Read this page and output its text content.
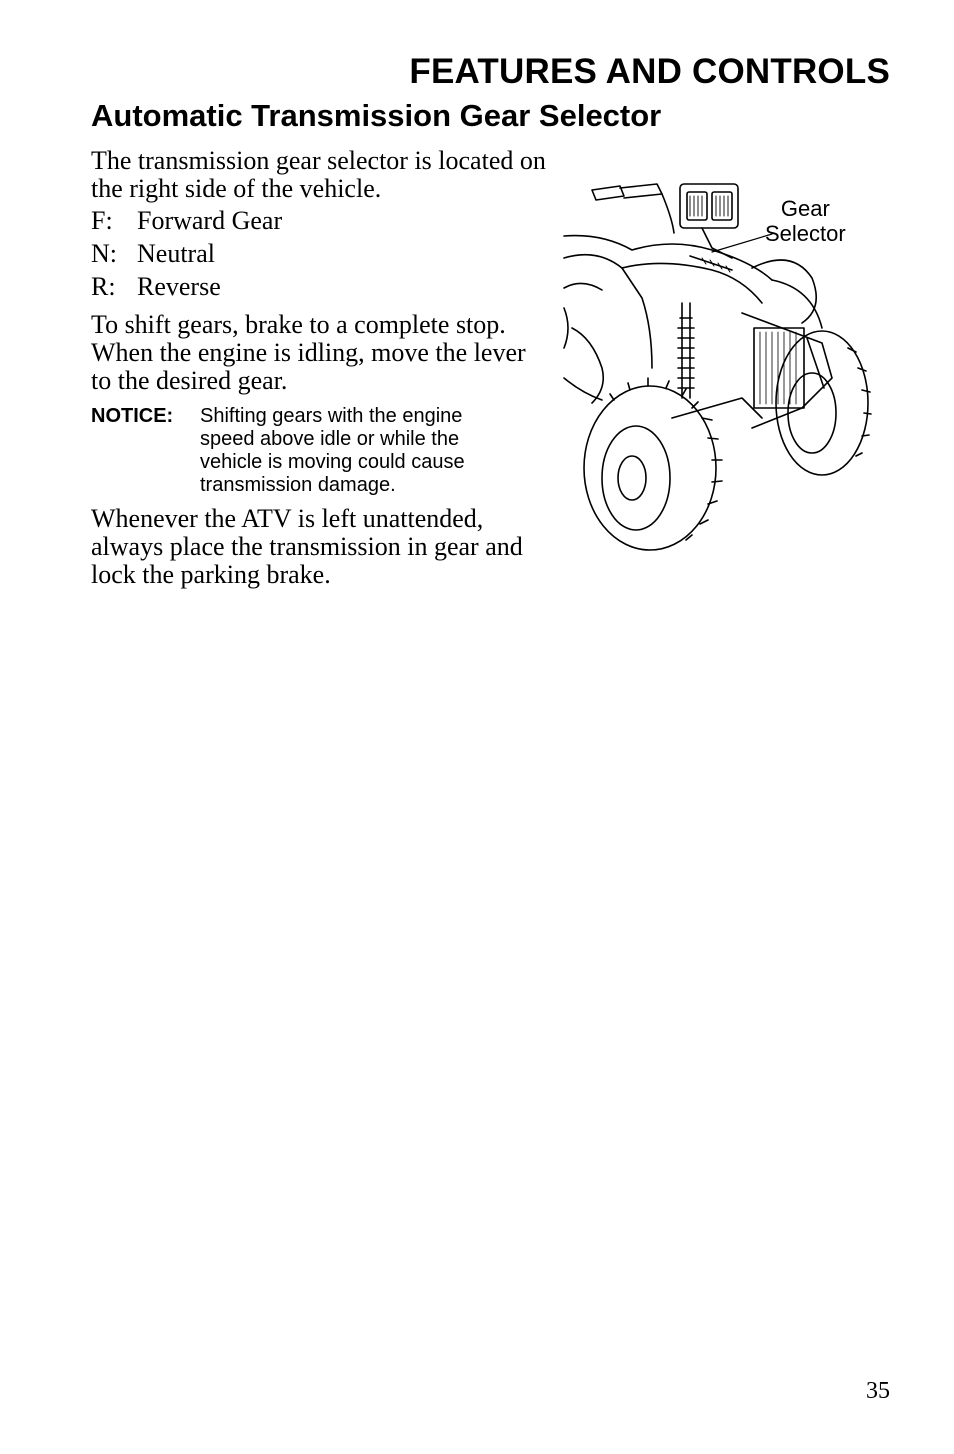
FEATURES AND CONTROLS
Automatic Transmission Gear Selector

The transmission gear selector is located on the right side of the vehicle.

F: Forward Gear
N: Neutral
R: Reverse

To shift gears, brake to a complete stop. When the engine is idling, move the lever to the desired gear.

NOTICE:	Shifting gears with the engine speed above idle or while the vehicle is moving could cause transmission damage.

Whenever the ATV is left unattended, always place the transmission in gear and lock the parking brake.

Gear
Selector
35
